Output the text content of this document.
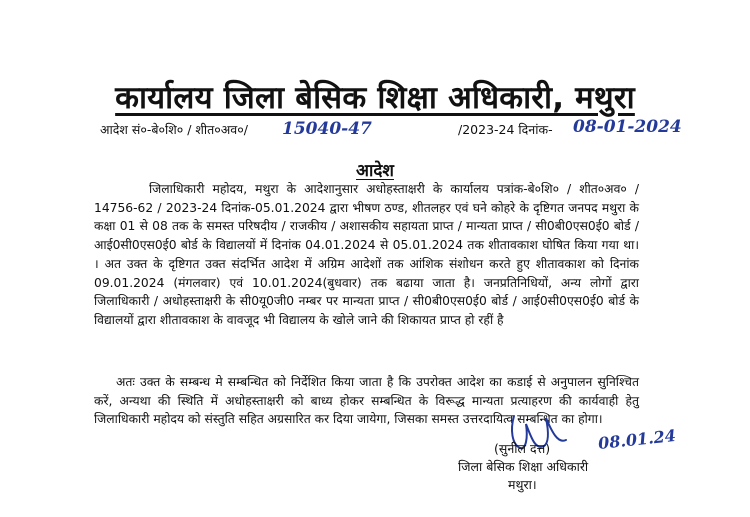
कार्यालय जिला बेसिक शिक्षा अधिकारी, मथुरा
आदेश सं०-बे०शि० / शीत०अव०/ 15040-47	/2023-24 दिनांक- 08-01-2024
आदेश

जिलाधिकारी महोदय, मथुरा के आदेशानुसार अधोहस्ताक्षरी के कार्यालय पत्रांक-बे०शि० / शीत०अव० / 14756-62 / 2023-24 दिनांक-05.01.2024 द्वारा भीषण ठण्ड, शीतलहर एवं घने कोहरे के दृष्टिगत जनपद मथुरा के कक्षा 01 से 08 तक के समस्त परिषदीय / राजकीय / अशासकीय सहायता प्राप्त / मान्यता प्राप्त / सी0बी0एस0ई0 बोर्ड / आई0सी0एस0ई0 बोर्ड के विद्यालयों में दिनांक 04.01.2024 से 05.01.2024 तक शीतावकाश घोषित किया गया था। । अत उक्त के दृष्टिगत उक्त संदर्भित आदेश में अग्रिम आदेशों तक आंशिक संशोधन करते हुए शीतावकाश को दिनांक 09.01.2024 (मंगलवार) एवं 10.01.2024(बुधवार) तक बढाया जाता है। जनप्रतिनिधियों, अन्य लोगों द्वारा जिलाधिकारी / अधोहस्ताक्षरी के सी0यू0जी0 नम्बर पर मान्यता प्राप्त / सी0बी0एस0ई0 बोर्ड / आई0सी0एस0ई0 बोर्ड के विद्यालयों द्वारा शीतावकाश के वावजूद भी विद्यालय के खोले जाने की शिकायत प्राप्त हो रहीं है

अतः उक्त के सम्बन्ध मे सम्बन्धित को निर्देशित किया जाता है कि उपरोक्त आदेश का कडाई से अनुपालन सुनिश्चित करें, अन्यथा की स्थिति में अधोहस्ताक्षरी को बाध्य होकर सम्बन्धित के विरूद्ध मान्यता प्रत्याहरण की कार्यवाही हेतु जिलाधिकारी महोदय को संस्तुति सहित अग्रसारित कर दिया जायेगा, जिसका समस्त उत्तरदायित्व सम्बन्धित का होगा।

08.01.24
(सुनील दत्त)
जिला बेसिक शिक्षा अधिकारी
मथुरा।
